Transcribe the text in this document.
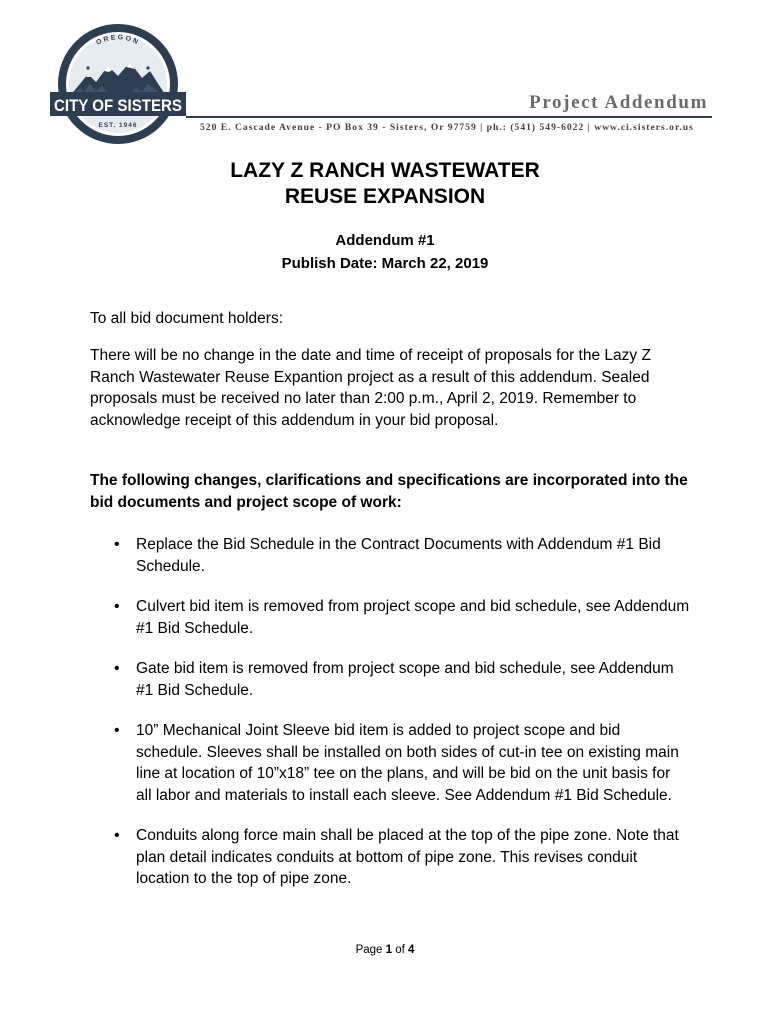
OREGON
CITY OF SISTERS
EST. 1946
Project Addendum
520 E. Cascade Avenue - PO Box 39 - Sisters, Or 97759 | ph.: (541) 549-6022 | www.ci.sisters.or.us
LAZY Z RANCH WASTEWATER
REUSE EXPANSION
Addendum #1
Publish Date: March 22, 2019
To all bid document holders:
There will be no change in the date and time of receipt of proposals for the Lazy Z Ranch Wastewater Reuse Expantion project as a result of this addendum. Sealed proposals must be received no later than 2:00 p.m., April 2, 2019. Remember to acknowledge receipt of this addendum in your bid proposal.
The following changes, clarifications and specifications are incorporated into the bid documents and project scope of work:
• Replace the Bid Schedule in the Contract Documents with Addendum #1 Bid Schedule.
• Culvert bid item is removed from project scope and bid schedule, see Addendum #1 Bid Schedule.
• Gate bid item is removed from project scope and bid schedule, see Addendum #1 Bid Schedule.
• 10” Mechanical Joint Sleeve bid item is added to project scope and bid schedule. Sleeves shall be installed on both sides of cut-in tee on existing main line at location of 10”x18” tee on the plans, and will be bid on the unit basis for all labor and materials to install each sleeve. See Addendum #1 Bid Schedule.
• Conduits along force main shall be placed at the top of the pipe zone. Note that plan detail indicates conduits at bottom of pipe zone. This revises conduit location to the top of pipe zone.
Page 1 of 4
